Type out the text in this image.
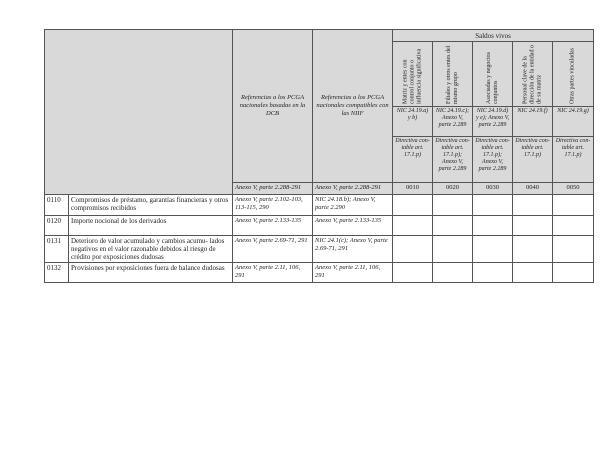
		Referencias a los PCGA nacionales basadas en la DCB	Referencias a los PCGA nacionales compatibles con las NIIF	Saldos vivos				

				Matriz y entes con control conjunto o influencia significativa	Filiales y otros entes del mismo grupo	Asociadas y negocios conjuntos	Personal clave de la dirección de la entidad o de su matriz	Otras partes vinculadas

				NIC 24.19.a) y b)	NIC 24.19.c); Anexo V, parte 2.289	NIC 24.19.d) y e); Anexo V, parte 2.289	NIC 24.19.f)	NIC 24.19.g)
				Directiva con- table art. 17.1.p)	Directiva con- table art. 17.1.p); Anexo V, parte 2.289	Directiva con- table art. 17.1.p); Anexo V, parte 2.289	Directiva con- table art. 17.1.p)	Directiva con- table art. 17.1.p)
		Anexo V, parte 2.288-291	Anexo V, parte 2.288-291	0010	0020	0030	0040	0050
0110	Compromisos de préstamo, garantías financieras y otros compromisos recibidos	Anexo V, parte 2.102-103, 113-115, 290	NIC 24.18.b); Anexo V, parte 2.290					
0120	Importe nocional de los derivados	Anexo V, parte 2.133-135	Anexo V, parte 2.133-135					
0131	Deterioro de valor acumulado y cambios acumu- lados negativos en el valor razonable debidos al riesgo de crédito por exposiciones dudosas	Anexo V, parte 2.69-71, 291	NIC 24.1(c); Anexo V, parte 2.69-71, 291					
0132	Provisiones por exposiciones fuera de balance dudosas	Anexo V, parte 2.11, 106, 291	Anexo V, parte 2.11, 106, 291					
